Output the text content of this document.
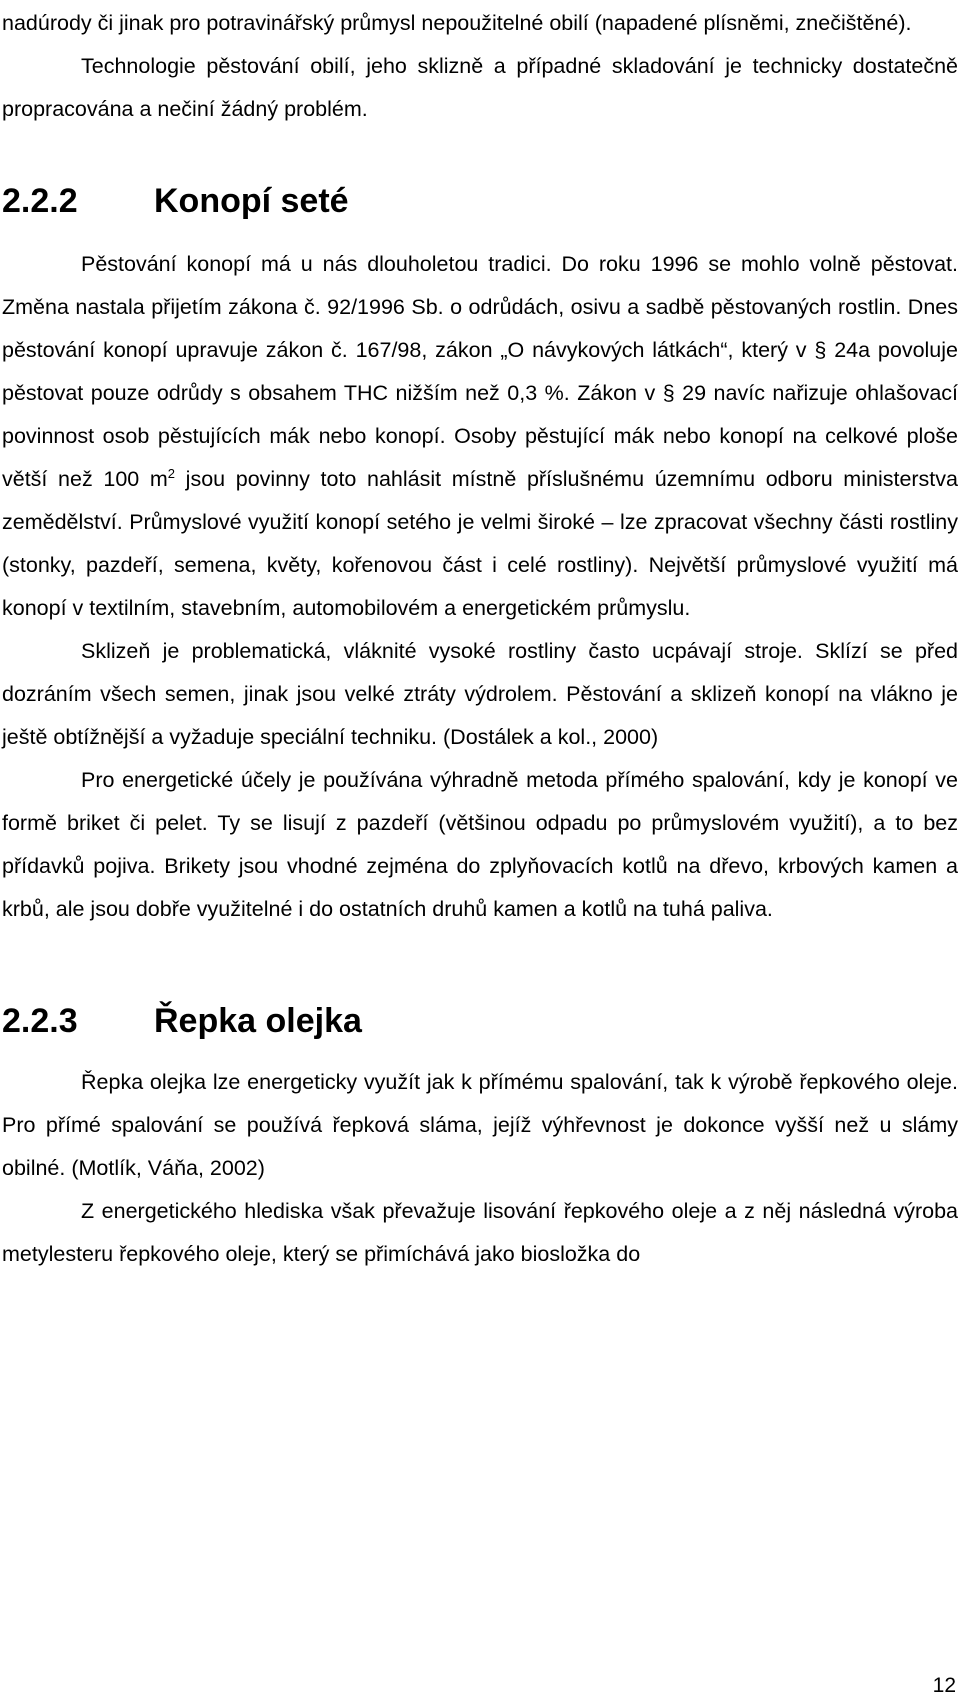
nadúrody či jinak pro potravinářský průmysl nepoužitelné obilí (napadené plísněmi, znečištěné).

Technologie pěstování obilí, jeho sklizně a případné skladování je technicky dostatečně propracována a nečiní žádný problém.

2.2.2	Konopí seté

Pěstování konopí má u nás dlouholetou tradici. Do roku 1996 se mohlo volně pěstovat. Změna nastala přijetím zákona č. 92/1996 Sb. o odrůdách, osivu a sadbě pěstovaných rostlin. Dnes pěstování konopí upravuje zákon č. 167/98, zákon „O návykových látkách“, který v § 24a povoluje pěstovat pouze odrůdy s obsahem THC nižším než 0,3 %. Zákon v § 29 navíc nařizuje ohlašovací povinnost osob pěstujících mák nebo konopí. Osoby pěstující mák nebo konopí na celkové ploše větší než 100 $m^2$ jsou povinny toto nahlásit místně příslušnému územnímu odboru ministerstva zemědělství. Průmyslové využití konopí setého je velmi široké – lze zpracovat všechny části rostliny (stonky, pazdeří, semena, květy, kořenovou část i celé rostliny). Největší průmyslové využití má konopí v textilním, stavebním, automobilovém a energetickém průmyslu.

Sklizeň je problematická, vláknité vysoké rostliny často ucpávají stroje. Sklízí se před dozráním všech semen, jinak jsou velké ztráty výdrolem. Pěstování a sklizeň konopí na vlákno je ještě obtížnější a vyžaduje speciální techniku. (Dostálek a kol., 2000)

Pro energetické účely je používána výhradně metoda přímého spalování, kdy je konopí ve formě briket či pelet. Ty se lisují z pazdeří (většinou odpadu po průmyslovém využití), a to bez přídavků pojiva. Brikety jsou vhodné zejména do zplyňovacích kotlů na dřevo, krbových kamen a krbů, ale jsou dobře využitelné i do ostatních druhů kamen a kotlů na tuhá paliva.

2.2.3	Řepka olejka

Řepka olejka lze energeticky využít jak k přímému spalování, tak k výrobě řepkového oleje. Pro přímé spalování se používá řepková sláma, jejíž výhřevnost je dokonce vyšší než u slámy obilné. (Motlík, Váňa, 2002)

Z energetického hlediska však převažuje lisování řepkového oleje a z něj následná výroba metylesteru řepkového oleje, který se přimíchává jako biosložka do

12
